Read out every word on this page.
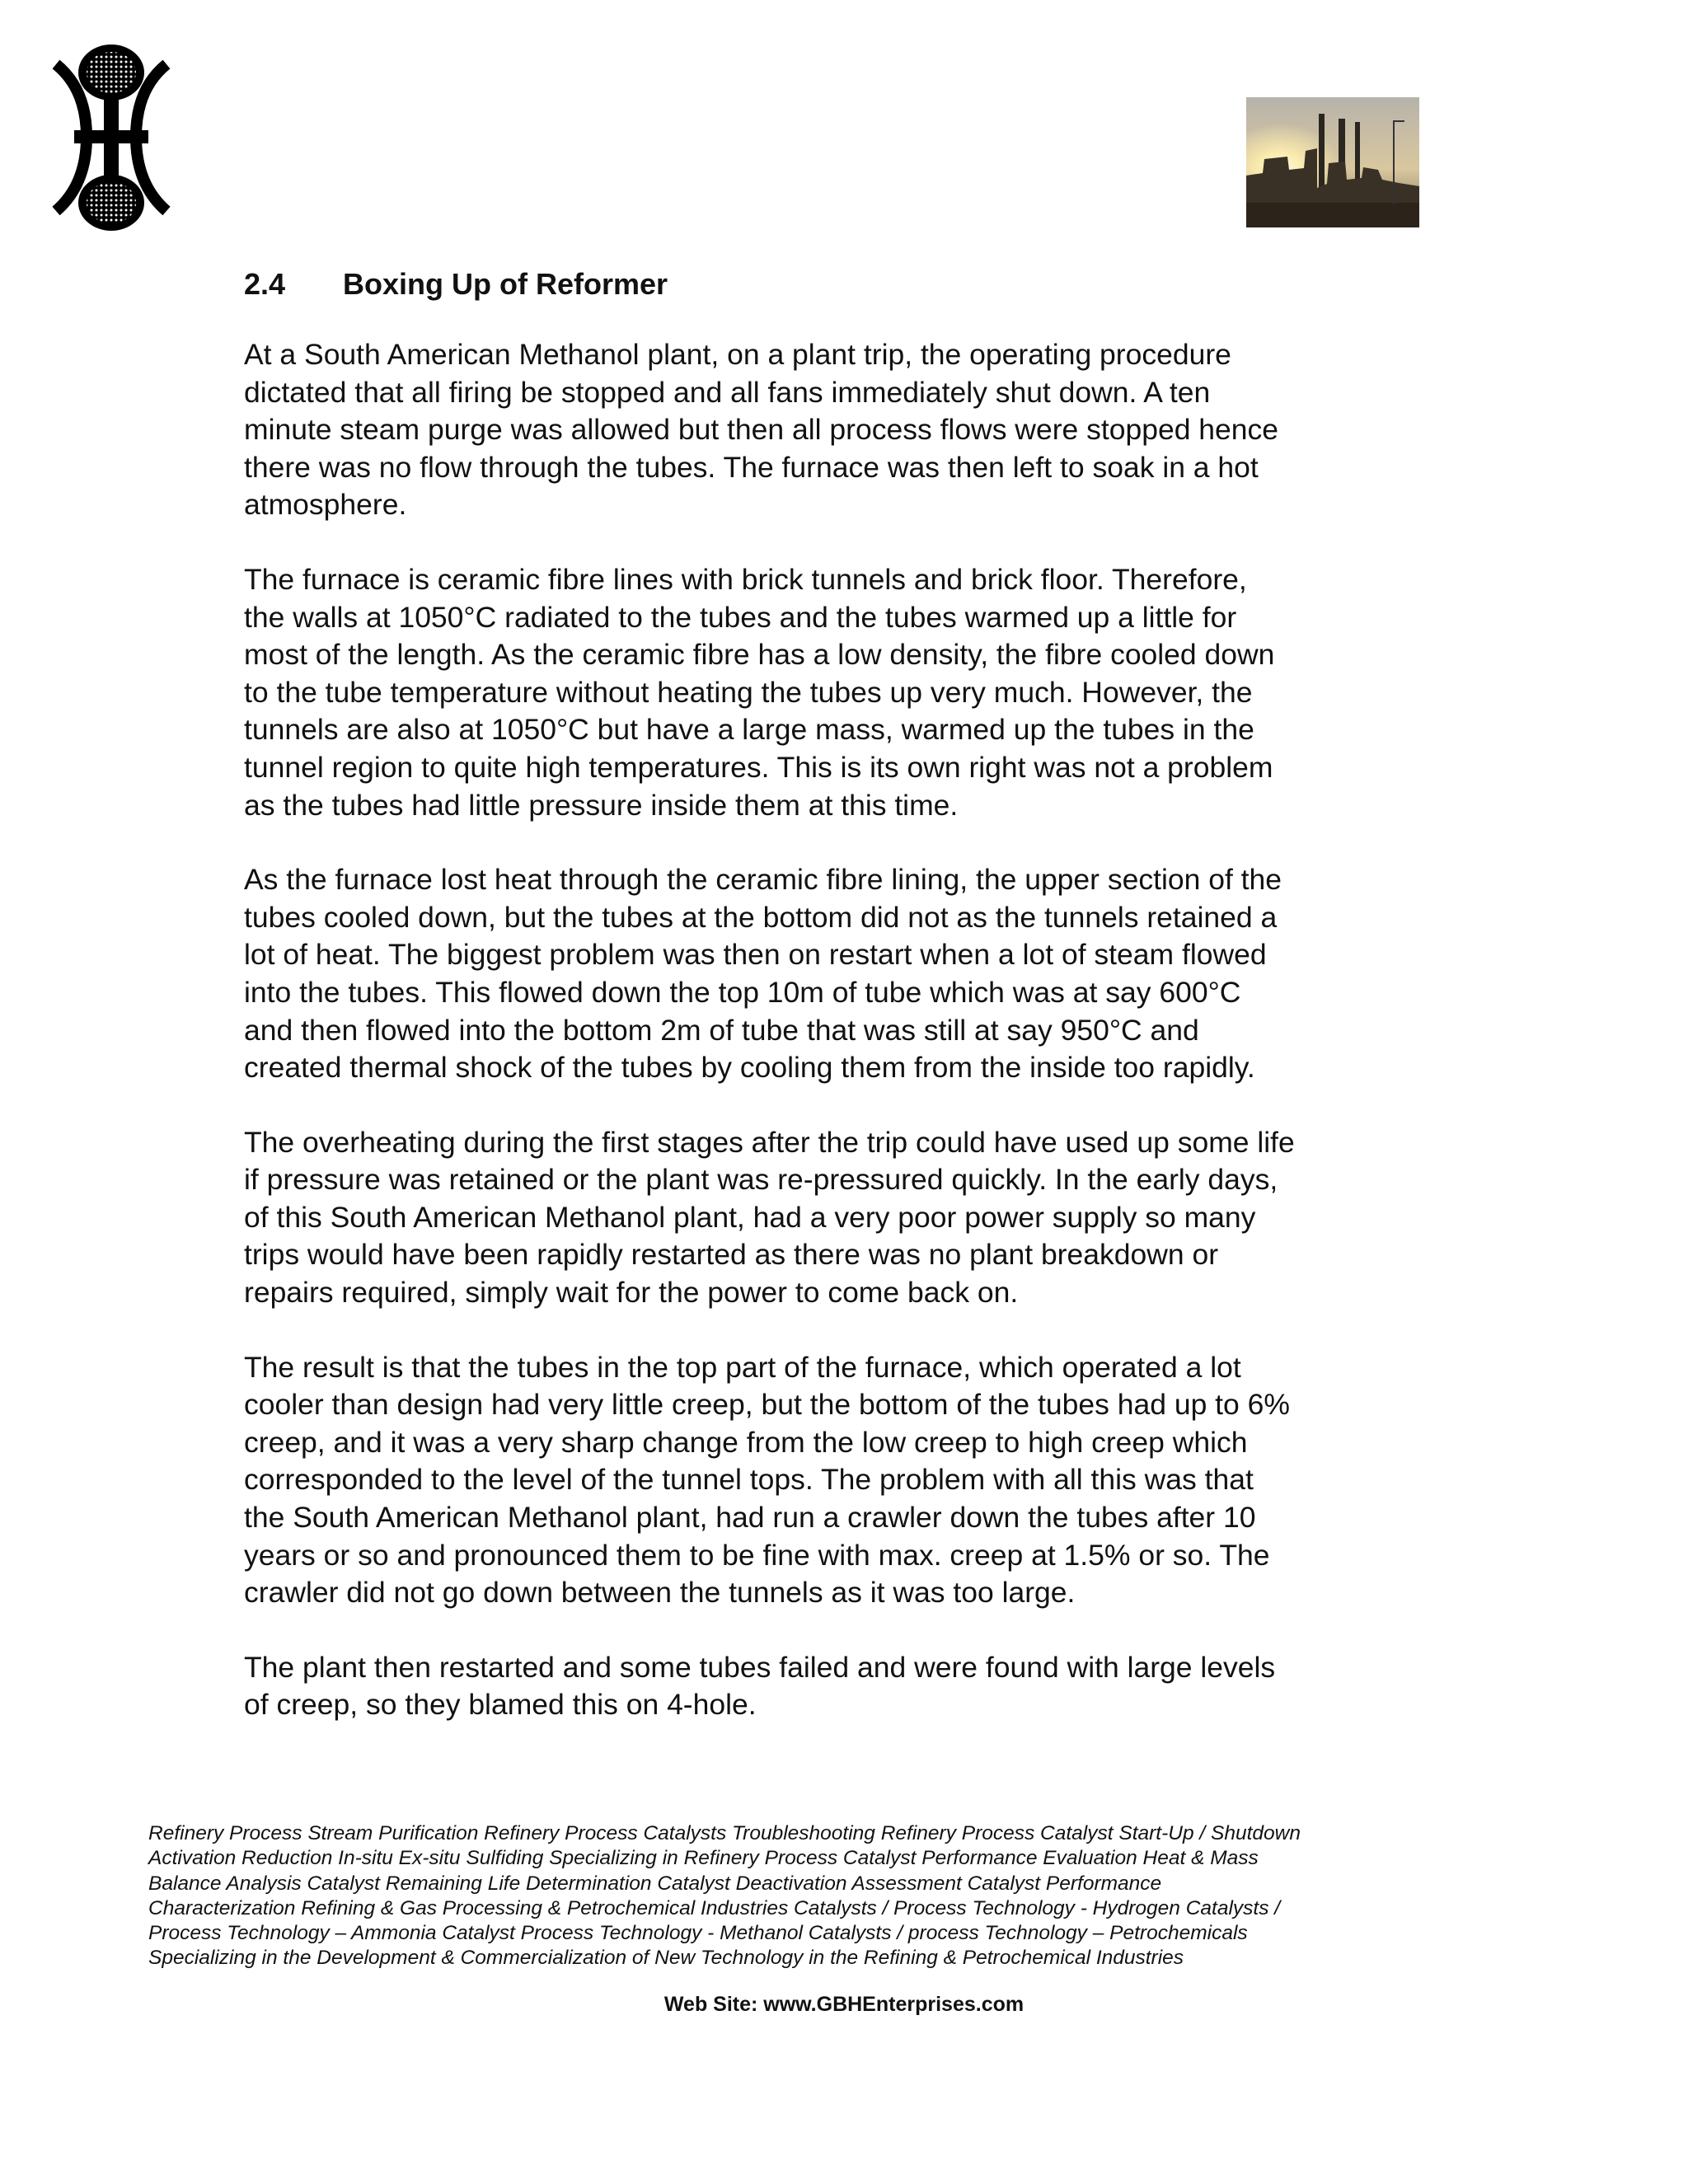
2.4	Boxing Up of Reformer

At a South American Methanol plant, on a plant trip, the operating procedure
dictated that all firing be stopped and all fans immediately shut down. A ten
minute steam purge was allowed but then all process flows were stopped hence
there was no flow through the tubes. The furnace was then left to soak in a hot
atmosphere.

The furnace is ceramic fibre lines with brick tunnels and brick floor. Therefore,
the walls at 1050°C radiated to the tubes and the tubes warmed up a little for
most of the length. As the ceramic fibre has a low density, the fibre cooled down
to the tube temperature without heating the tubes up very much. However, the
tunnels are also at 1050°C but have a large mass, warmed up the tubes in the
tunnel region to quite high temperatures. This is its own right was not a problem
as the tubes had little pressure inside them at this time.

As the furnace lost heat through the ceramic fibre lining, the upper section of the
tubes cooled down, but the tubes at the bottom did not as the tunnels retained a
lot of heat. The biggest problem was then on restart when a lot of steam flowed
into the tubes. This flowed down the top 10m of tube which was at say 600°C
and then flowed into the bottom 2m of tube that was still at say 950°C and
created thermal shock of the tubes by cooling them from the inside too rapidly.

The overheating during the first stages after the trip could have used up some life
if pressure was retained or the plant was re-pressured quickly. In the early days,
of this South American Methanol plant, had a very poor power supply so many
trips would have been rapidly restarted as there was no plant breakdown or
repairs required, simply wait for the power to come back on.

The result is that the tubes in the top part of the furnace, which operated a lot
cooler than design had very little creep, but the bottom of the tubes had up to 6%
creep, and it was a very sharp change from the low creep to high creep which
corresponded to the level of the tunnel tops. The problem with all this was that
the South American Methanol plant, had run a crawler down the tubes after 10
years or so and pronounced them to be fine with max. creep at 1.5% or so. The
crawler did not go down between the tunnels as it was too large.

The plant then restarted and some tubes failed and were found with large levels
of creep, so they blamed this on 4-hole.

Refinery Process Stream Purification Refinery Process Catalysts Troubleshooting Refinery Process Catalyst Start-Up / Shutdown
Activation Reduction In-situ Ex-situ Sulfiding Specializing in Refinery Process Catalyst Performance Evaluation Heat & Mass
Balance Analysis Catalyst Remaining Life Determination Catalyst Deactivation Assessment Catalyst Performance
Characterization Refining & Gas Processing & Petrochemical Industries Catalysts / Process Technology - Hydrogen Catalysts /
Process Technology – Ammonia Catalyst Process Technology - Methanol Catalysts / process Technology – Petrochemicals
Specializing in the Development & Commercialization of New Technology in the Refining & Petrochemical Industries
Web Site: www.GBHEnterprises.com
